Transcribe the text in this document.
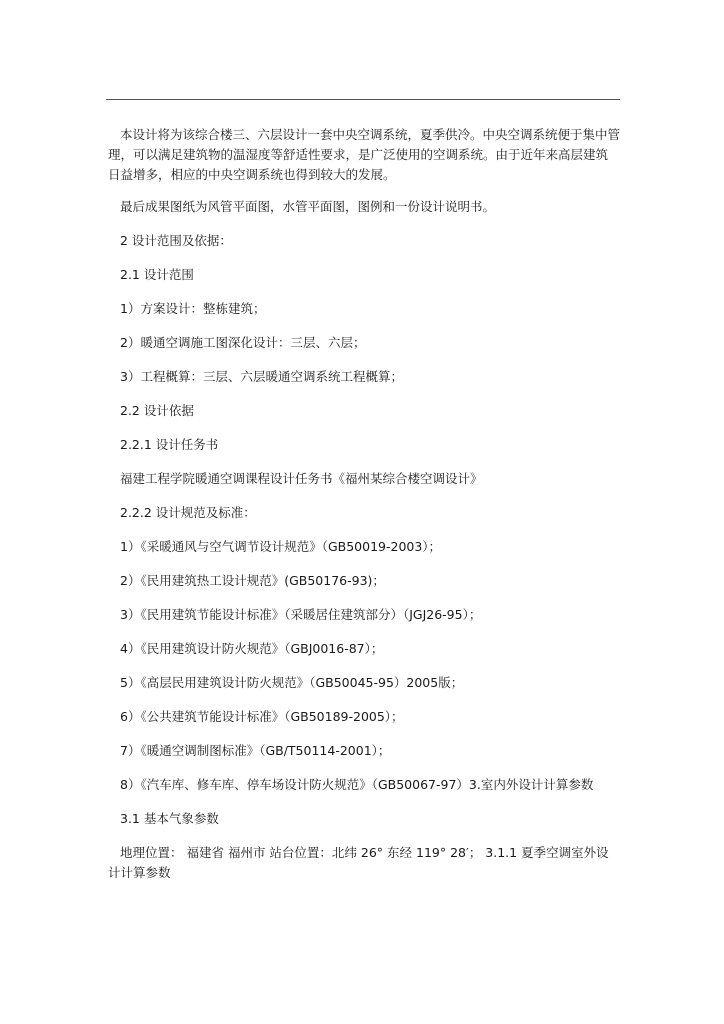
本设计将为该综合楼三、六层设计一套中央空调系统，夏季供冷。中央空调系统便于集中管理，可以满足建筑物的温湿度等舒适性要求，是广泛使用的空调系统。由于近年来高层建筑日益增多，相应的中央空调系统也得到较大的发展。

最后成果图纸为风管平面图，水管平面图，图例和一份设计说明书。

2 设计范围及依据：

2.1 设计范围

1）方案设计：整栋建筑；

2）暖通空调施工图深化设计：三层、六层；

3）工程概算：三层、六层暖通空调系统工程概算；

2.2 设计依据

2.2.1 设计任务书

福建工程学院暖通空调课程设计任务书《福州某综合楼空调设计》

2.2.2 设计规范及标准：

1）《采暖通风与空气调节设计规范》（GB50019-2003）；

2）《民用建筑热工设计规范》(GB50176-93)；

3）《民用建筑节能设计标准》（采暖居住建筑部分）（JGJ26-95）；

4）《民用建筑设计防火规范》（GBJ0016-87）；

5）《高层民用建筑设计防火规范》（GB50045-95）2005版；

6）《公共建筑节能设计标准》（GB50189-2005）；

7）《暖通空调制图标准》（GB/T50114-2001）；

8）《汽车库、修车库、停车场设计防火规范》（GB50067-97）3.室内外设计计算参数

3.1 基本气象参数

地理位置： 福建省 福州市 站台位置：北纬 26° 东经 119° 28′； 3.1.1 夏季空调室外设计计算参数
